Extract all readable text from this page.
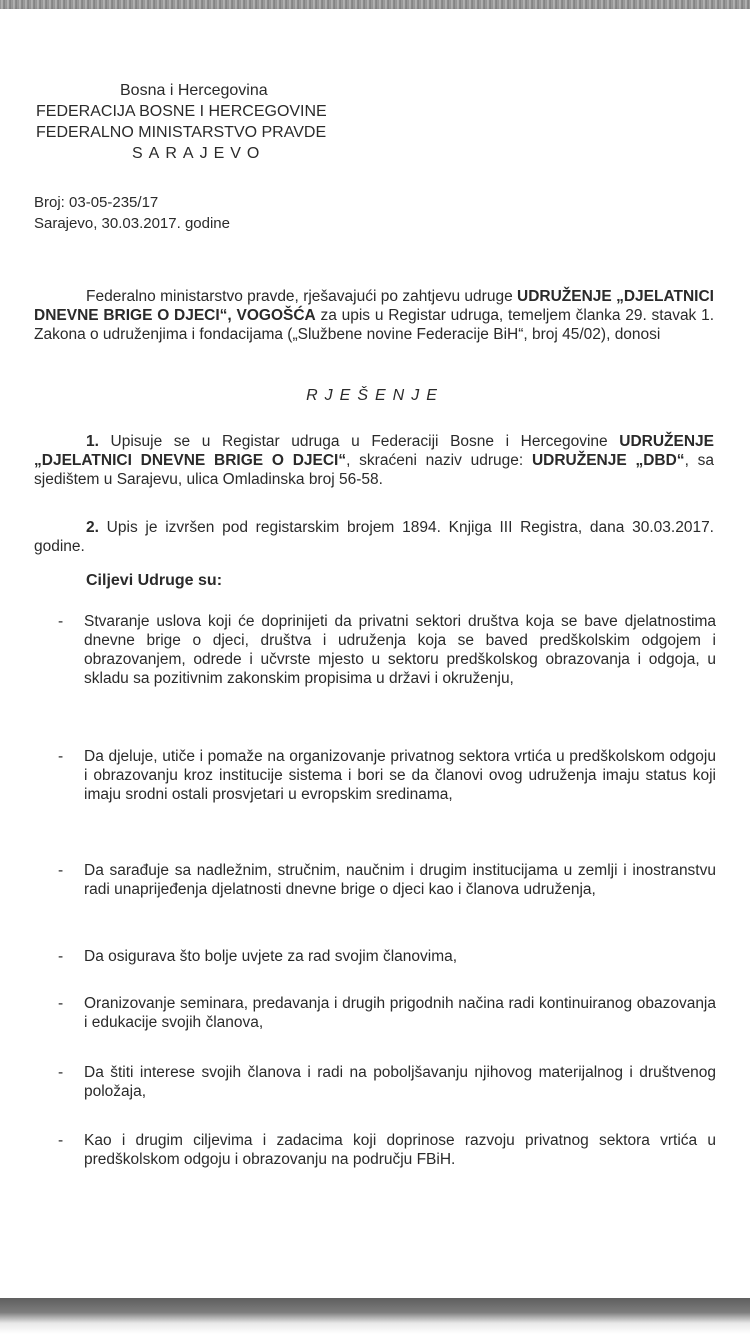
Bosna i Hercegovina
FEDERACIJA BOSNE I HERCEGOVINE
FEDERALNO MINISTARSTVO PRAVDE
SARAJEVO
Broj: 03-05-235/17
Sarajevo, 30.03.2017. godine
Federalno ministarstvo pravde, rješavajući po zahtjevu udruge UDRUŽENJE „DJELATNICI DNEVNE BRIGE O DJECI“, VOGOŠĆA za upis u Registar udruga, temeljem članka 29. stavak 1. Zakona o udruženjima i fondacijama („Službene novine Federacije BiH“, broj 45/02), donosi
RJEŠENJE
1. Upisuje se u Registar udruga u Federaciji Bosne i Hercegovine UDRUŽENJE „DJELATNICI DNEVNE BRIGE O DJECI“, skraćeni naziv udruge: UDRUŽENJE „DBD“, sa sjedištem u Sarajevu, ulica Omladinska broj 56-58.
2. Upis je izvršen pod registarskim brojem 1894. Knjiga III Registra, dana 30.03.2017. godine.
Ciljevi Udruge su:
-	Stvaranje uslova koji će doprinijeti da privatni sektori društva koja se bave djelatnostima dnevne brige o djeci, društva i udruženja koja se baved predškolskim odgojem i obrazovanjem, odrede i učvrste mjesto u sektoru predškolskog obrazovanja i odgoja, u skladu sa pozitivnim zakonskim propisima u državi i okruženju,
-	Da djeluje, utiče i pomaže na organizovanje privatnog sektora vrtića u predškolskom odgoju i obrazovanju kroz institucije sistema i bori se da članovi ovog udruženja imaju status koji imaju srodni ostali prosvjetari u evropskim sredinama,
-	Da sarađuje sa nadležnim, stručnim, naučnim i drugim institucijama u zemlji i inostranstvu radi unapriјeđenja djelatnosti dnevne brige o djeci kao i članova udruženja,
-	Da osigurava što bolje uvjete za rad svojim članovima,
-	Oranizovanje seminara, predavanja i drugih prigodnih načina radi kontinuiranog obazovanja i edukacije svojih članova,
-	Da štiti interese svojih članova i radi na poboljšavanju njihovog materijalnog i društvenog položaja,
-	Kao i drugim ciljevima i zadacima koji doprinose razvoju privatnog sektora vrtića u predškolskom odgoju i obrazovanju na području FBiH.
